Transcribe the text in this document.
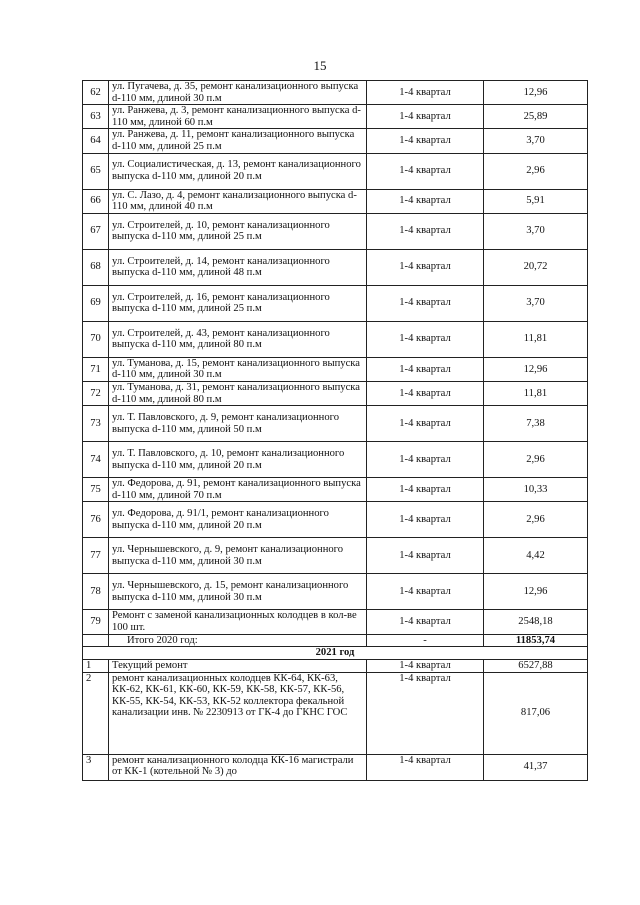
15
62	ул. Пугачева, д. 35, ремонт канализационного выпуска d-110 мм, длиной 30 п.м	1-4 квартал	12,96
63	ул. Ранжева, д. 3, ремонт канализационного выпуска d-110 мм, длиной 60 п.м	1-4 квартал	25,89
64	ул. Ранжева, д. 11, ремонт канализационного выпуска d-110 мм, длиной 25 п.м	1-4 квартал	3,70
65	ул. Социалистическая, д. 13, ремонт канализационного выпуска d-110 мм, длиной 20 п.м	1-4 квартал	2,96
66	ул. С. Лазо, д. 4, ремонт канализационного выпуска d-110 мм, длиной 40 п.м	1-4 квартал	5,91
67	ул. Строителей, д. 10, ремонт канализационного выпуска d-110 мм, длиной 25 п.м	1-4 квартал	3,70
68	ул. Строителей, д. 14, ремонт канализационного выпуска d-110 мм, длиной 48 п.м	1-4 квартал	20,72
69	ул. Строителей, д. 16, ремонт канализационного выпуска d-110 мм, длиной 25 п.м	1-4 квартал	3,70
70	ул. Строителей, д. 43, ремонт канализационного выпуска d-110 мм, длиной 80 п.м	1-4 квартал	11,81
71	ул. Туманова, д. 15, ремонт канализационного выпуска d-110 мм, длиной 30 п.м	1-4 квартал	12,96
72	ул. Туманова, д. 31, ремонт канализационного выпуска d-110 мм, длиной 80 п.м	1-4 квартал	11,81
73	ул. Т. Павловского, д. 9, ремонт канализационного выпуска d-110 мм, длиной 50 п.м	1-4 квартал	7,38
74	ул. Т. Павловского, д. 10, ремонт канализационного выпуска d-110 мм, длиной 20 п.м	1-4 квартал	2,96
75	ул. Федорова, д. 91, ремонт канализационного выпуска d-110 мм, длиной 70 п.м	1-4 квартал	10,33
76	ул. Федорова, д. 91/1, ремонт канализационного выпуска d-110 мм, длиной 20 п.м	1-4 квартал	2,96
77	ул. Чернышевского, д. 9, ремонт канализационного выпуска d-110 мм, длиной 30 п.м	1-4 квартал	4,42
78	ул. Чернышевского, д. 15, ремонт канализационного выпуска d-110 мм, длиной 30 п.м	1-4 квартал	12,96
79	Ремонт с заменой канализационных колодцев в кол-ве 100 шт.	1-4 квартал	2548,18
	Итого 2020 год:	-	11853,74
2021 год			
1	Текущий ремонт	1-4 квартал	6527,88
2	ремонт канализационных колодцев КК-64, КК-63, КК-62, КК-61, КК-60, КК-59, КК-58, КК-57, КК-56, КК-55, КК-54, КК-53, КК-52 коллектора фекальной канализации инв. № 2230913 от ГК-4 до ГКНС ГОС	1-4 квартал	817,06
3	ремонт канализационного колодца КК-16 магистрали от КК-1 (котельной № 3) до	1-4 квартал	41,37
